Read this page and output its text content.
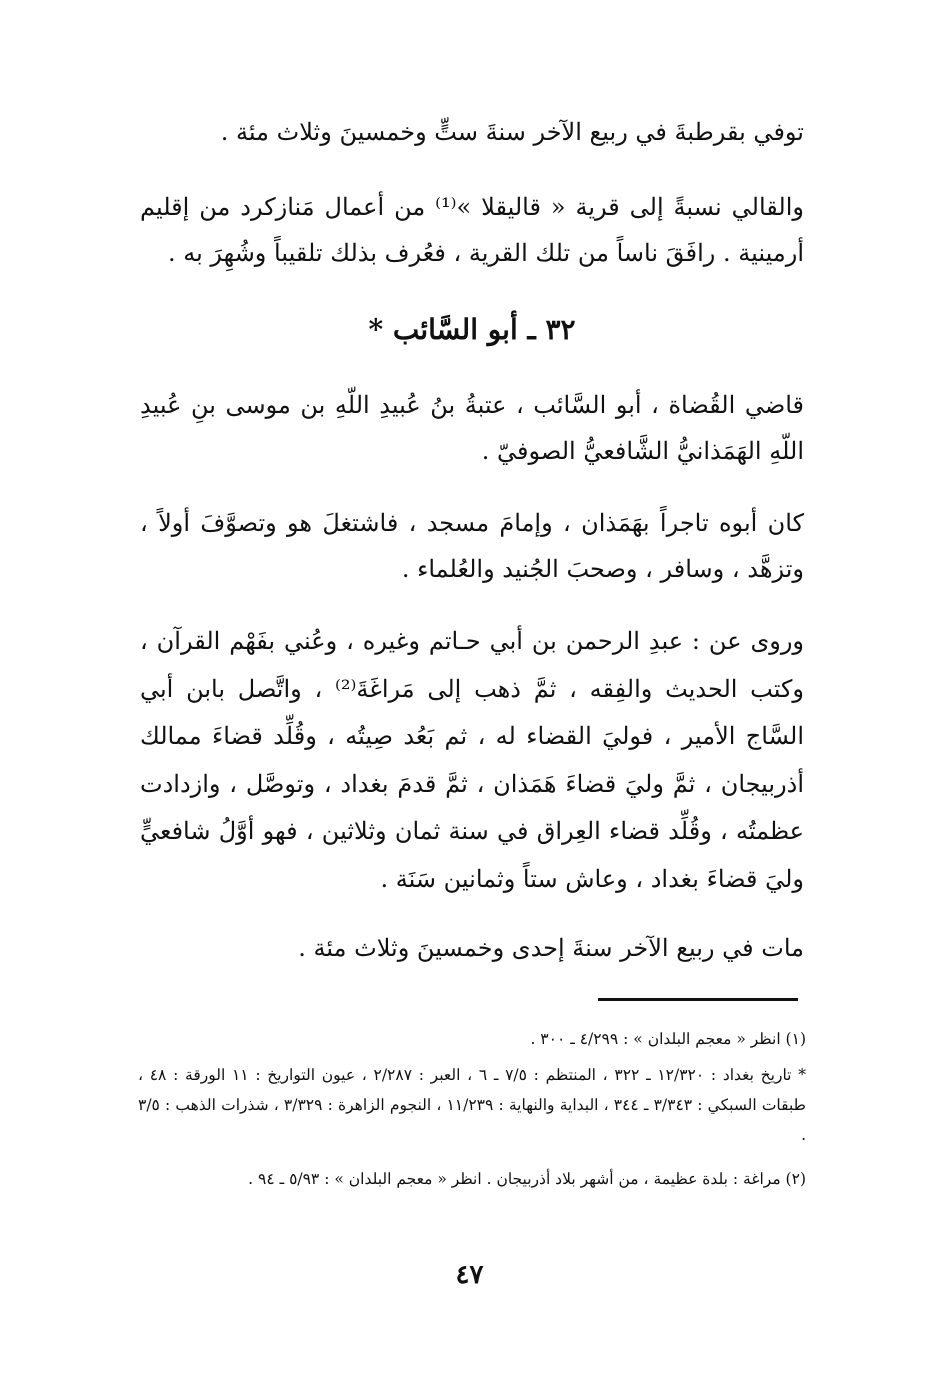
توفي بقرطبةَ في ربيع الآخر سنةَ ستٍّ وخمسينَ وثلاث مئة .

والقالي نسبةً إلى قرية « قاليقلا »⁽¹⁾ من أعمال مَنازكرد من إقليم أرمينية . رافَقَ ناساً من تلك القرية ، فعُرف بذلك تلقيباً وشُهِرَ به .

٣٢ ـ أبو السَّائب *

قاضي القُضاة ، أبو السَّائب ، عتبةُ بنُ عُبيدِ اللّهِ بن موسى بنِ عُبيدِ اللّهِ الهَمَذانيُّ الشَّافعيُّ الصوفيّ .

كان أبوه تاجراً بهَمَذان ، وإمامَ مسجد ، فاشتغلَ هو وتصوَّفَ أولاً ، وتزهَّد ، وسافر ، وصحبَ الجُنيد والعُلماء .

وروى عن : عبدِ الرحمن بن أبي حـاتم وغيره ، وعُني بفَهْم القرآن ، وكتب الحديث والفِقه ، ثمَّ ذهب إلى مَراغَةَ⁽²⁾ ، واتَّصل بابن أبي السَّاج الأمير ، فوليَ القضاء له ، ثم بَعُد صِيتُه ، وقُلِّد قضاءَ ممالك أذربيجان ، ثمَّ وليَ قضاءَ هَمَذان ، ثمَّ قدمَ بغداد ، وتوصَّل ، وازدادت عظمتُه ، وقُلِّد قضاء العِراق في سنة ثمان وثلاثين ، فهو أوَّلُ شافعيٍّ وليَ قضاءَ بغداد ، وعاش ستاً وثمانين سَنَة .

مات في ربيع الآخر سنةَ إحدى وخمسينَ وثلاث مئة .

(١) انظر « معجم البلدان » : ٤/٢٩٩ ـ ٣٠٠ .

* تاريخ بغداد : ١٢/٣٢٠ ـ ٣٢٢ ، المنتظم : ٧/٥ ـ ٦ ، العبر : ٢/٢٨٧ ، عيون التواريخ : ١١ الورقة : ٤٨ ، طبقات السبكي : ٣/٣٤٣ ـ ٣٤٤ ، البداية والنهاية : ١١/٢٣٩ ، النجوم الزاهرة : ٣/٣٢٩ ، شذرات الذهب : ٣/٥ .

(٢) مراغة : بلدة عظيمة ، من أشهر بلاد أذربيجان . انظر « معجم البلدان » : ٥/٩٣ ـ ٩٤ .

٤٧
